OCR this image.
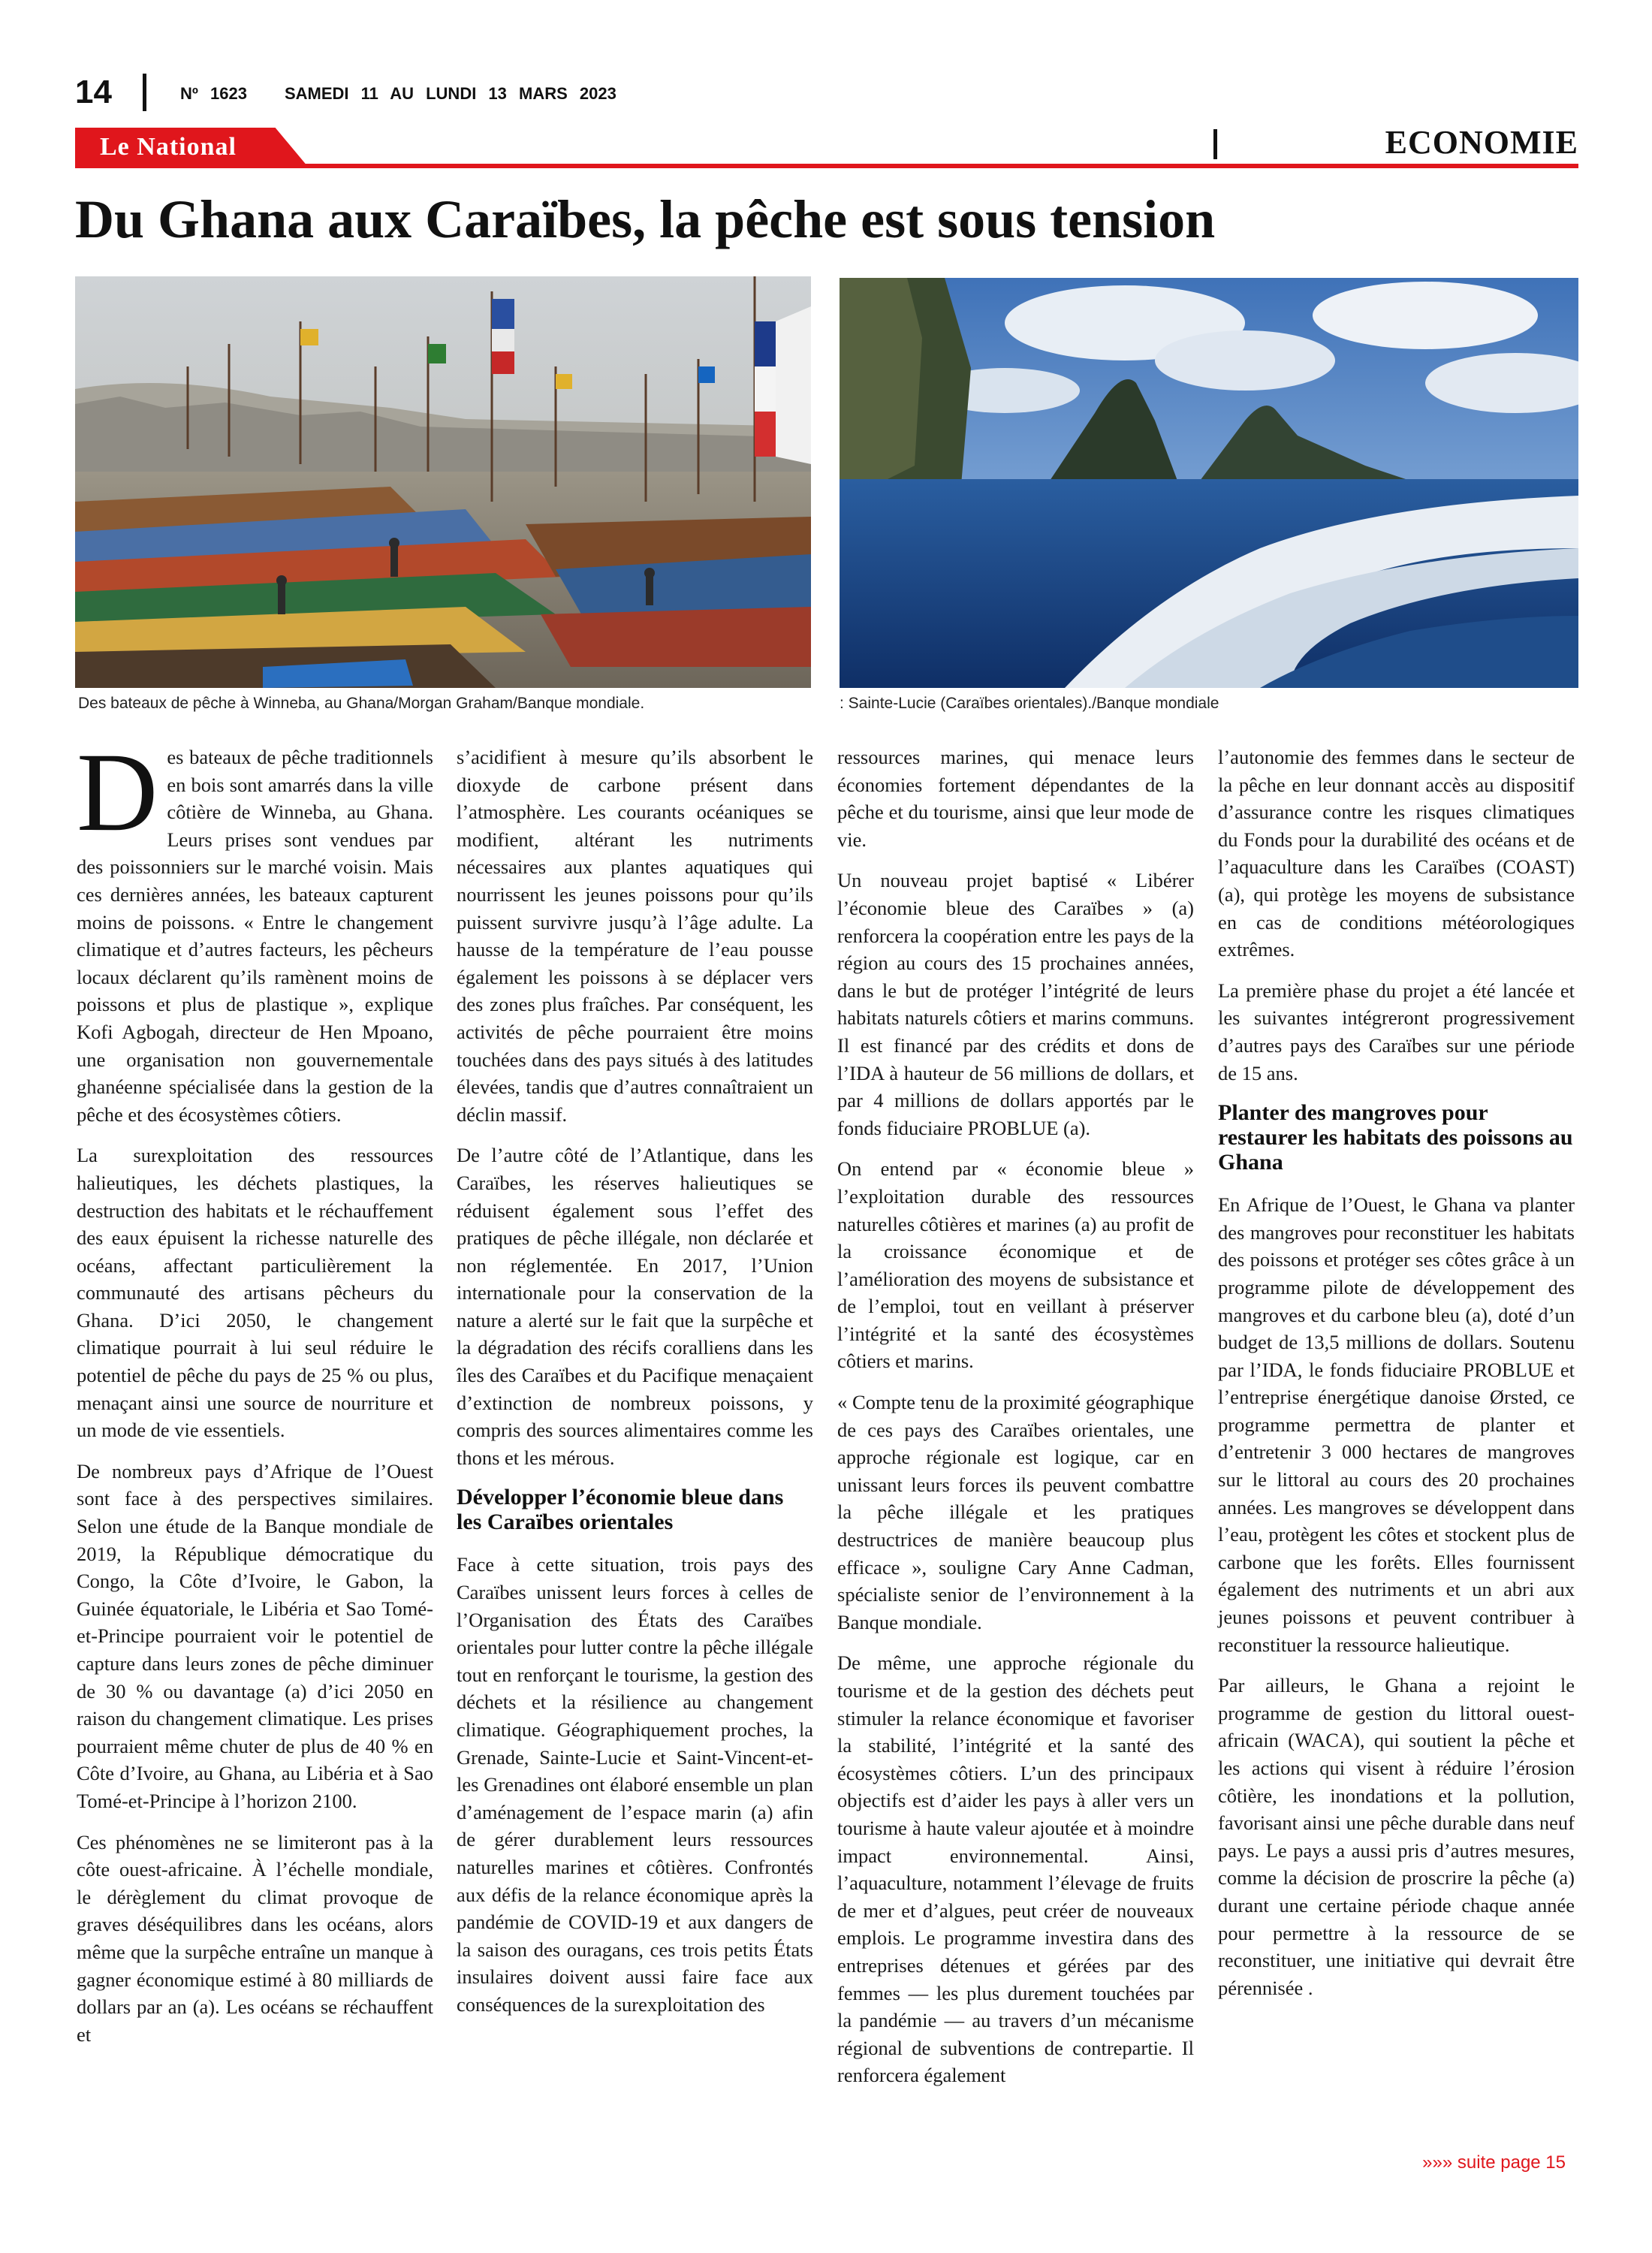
14	Nº 1623 SAMEDI 11 AU LUNDI 13 MARS 2023
Le National	ECONOMIE
Du Ghana aux Caraïbes, la pêche est sous tension
Des bateaux de pêche à Winneba, au Ghana/Morgan Graham/Banque mondiale.	: Sainte-Lucie (Caraïbes orientales)./Banque mondiale

Des bateaux de pêche traditionnels en bois sont amarrés dans la ville côtière de Winneba, au Ghana. Leurs prises sont vendues par des poissonniers sur le marché voisin. Mais ces dernières années, les bateaux capturent moins de poissons. « Entre le changement climatique et d’autres facteurs, les pêcheurs locaux déclarent qu’ils ramènent moins de poissons et plus de plastique », explique Kofi Agbogah, directeur de Hen Mpoano, une organisation non gouvernementale ghanéenne spécialisée dans la gestion de la pêche et des écosystèmes côtiers.

La surexploitation des ressources halieutiques, les déchets plastiques, la destruction des habitats et le réchauffement des eaux épuisent la richesse naturelle des océans, affectant particulièrement la communauté des artisans pêcheurs du Ghana. D’ici 2050, le changement climatique pourrait à lui seul réduire le potentiel de pêche du pays de 25 % ou plus, menaçant ainsi une source de nourriture et un mode de vie essentiels.

De nombreux pays d’Afrique de l’Ouest sont face à des perspectives similaires. Selon une étude de la Banque mondiale de 2019, la République démocratique du Congo, la Côte d’Ivoire, le Gabon, la Guinée équatoriale, le Libéria et Sao Tomé-et-Principe pourraient voir le potentiel de capture dans leurs zones de pêche diminuer de 30 % ou davantage (a) d’ici 2050 en raison du changement climatique. Les prises pourraient même chuter de plus de 40 % en Côte d’Ivoire, au Ghana, au Libéria et à Sao Tomé-et-Principe à l’horizon 2100.

Ces phénomènes ne se limiteront pas à la côte ouest-africaine. À l’échelle mondiale, le dérèglement du climat provoque de graves déséquilibres dans les océans, alors même que la surpêche entraîne un manque à gagner économique estimé à 80 milliards de dollars par an (a). Les océans se réchauffent et

s’acidifient à mesure qu’ils absorbent le dioxyde de carbone présent dans l’atmosphère. Les courants océaniques se modifient, altérant les nutriments nécessaires aux plantes aquatiques qui nourrissent les jeunes poissons pour qu’ils puissent survivre jusqu’à l’âge adulte. La hausse de la température de l’eau pousse également les poissons à se déplacer vers des zones plus fraîches. Par conséquent, les activités de pêche pourraient être moins touchées dans des pays situés à des latitudes élevées, tandis que d’autres connaîtraient un déclin massif.

De l’autre côté de l’Atlantique, dans les Caraïbes, les réserves halieutiques se réduisent également sous l’effet des pratiques de pêche illégale, non déclarée et non réglementée. En 2017, l’Union internationale pour la conservation de la nature a alerté sur le fait que la surpêche et la dégradation des récifs coralliens dans les îles des Caraïbes et du Pacifique menaçaient d’extinction de nombreux poissons, y compris des sources alimentaires comme les thons et les mérous.

Développer l’économie bleue dans les Caraïbes orientales

Face à cette situation, trois pays des Caraïbes unissent leurs forces à celles de l’Organisation des États des Caraïbes orientales pour lutter contre la pêche illégale tout en renforçant le tourisme, la gestion des déchets et la résilience au changement climatique. Géographiquement proches, la Grenade, Sainte-Lucie et Saint-Vincent-et-les Grenadines ont élaboré ensemble un plan d’aménagement de l’espace marin (a) afin de gérer durablement leurs ressources naturelles marines et côtières. Confrontés aux défis de la relance économique après la pandémie de COVID-19 et aux dangers de la saison des ouragans, ces trois petits États insulaires doivent aussi faire face aux conséquences de la surexploitation des

ressources marines, qui menace leurs économies fortement dépendantes de la pêche et du tourisme, ainsi que leur mode de vie.

Un nouveau projet baptisé « Libérer l’économie bleue des Caraïbes » (a) renforcera la coopération entre les pays de la région au cours des 15 prochaines années, dans le but de protéger l’intégrité de leurs habitats naturels côtiers et marins communs. Il est financé par des crédits et dons de l’IDA à hauteur de 56 millions de dollars, et par 4 millions de dollars apportés par le fonds fiduciaire PROBLUE (a).

On entend par « économie bleue » l’exploitation durable des ressources naturelles côtières et marines (a) au profit de la croissance économique et de l’amélioration des moyens de subsistance et de l’emploi, tout en veillant à préserver l’intégrité et la santé des écosystèmes côtiers et marins.

« Compte tenu de la proximité géographique de ces pays des Caraïbes orientales, une approche régionale est logique, car en unissant leurs forces ils peuvent combattre la pêche illégale et les pratiques destructrices de manière beaucoup plus efficace », souligne Cary Anne Cadman, spécialiste senior de l’environnement à la Banque mondiale.

De même, une approche régionale du tourisme et de la gestion des déchets peut stimuler la relance économique et favoriser la stabilité, l’intégrité et la santé des écosystèmes côtiers. L’un des principaux objectifs est d’aider les pays à aller vers un tourisme à haute valeur ajoutée et à moindre impact environnemental. Ainsi, l’aquaculture, notamment l’élevage de fruits de mer et d’algues, peut créer de nouveaux emplois. Le programme investira dans des entreprises détenues et gérées par des femmes — les plus durement touchées par la pandémie — au travers d’un mécanisme régional de subventions de contrepartie. Il renforcera également

l’autonomie des femmes dans le secteur de la pêche en leur donnant accès au dispositif d’assurance contre les risques climatiques du Fonds pour la durabilité des océans et de l’aquaculture dans les Caraïbes (COAST) (a), qui protège les moyens de subsistance en cas de conditions météorologiques extrêmes.

La première phase du projet a été lancée et les suivantes intégreront progressivement d’autres pays des Caraïbes sur une période de 15 ans.

Planter des mangroves pour restaurer les habitats des poissons au Ghana

En Afrique de l’Ouest, le Ghana va planter des mangroves pour reconstituer les habitats des poissons et protéger ses côtes grâce à un programme pilote de développement des mangroves et du carbone bleu (a), doté d’un budget de 13,5 millions de dollars. Soutenu par l’IDA, le fonds fiduciaire PROBLUE et l’entreprise énergétique danoise Ørsted, ce programme permettra de planter et d’entretenir 3 000 hectares de mangroves sur le littoral au cours des 20 prochaines années. Les mangroves se développent dans l’eau, protègent les côtes et stockent plus de carbone que les forêts. Elles fournissent également des nutriments et un abri aux jeunes poissons et peuvent contribuer à reconstituer la ressource halieutique.

Par ailleurs, le Ghana a rejoint le programme de gestion du littoral ouest-africain (WACA), qui soutient la pêche et les actions qui visent à réduire l’érosion côtière, les inondations et la pollution, favorisant ainsi une pêche durable dans neuf pays. Le pays a aussi pris d’autres mesures, comme la décision de proscrire la pêche (a) durant une certaine période chaque année pour permettre à la ressource de se reconstituer, une initiative qui devrait être pérennisée .

»»» suite page 15
